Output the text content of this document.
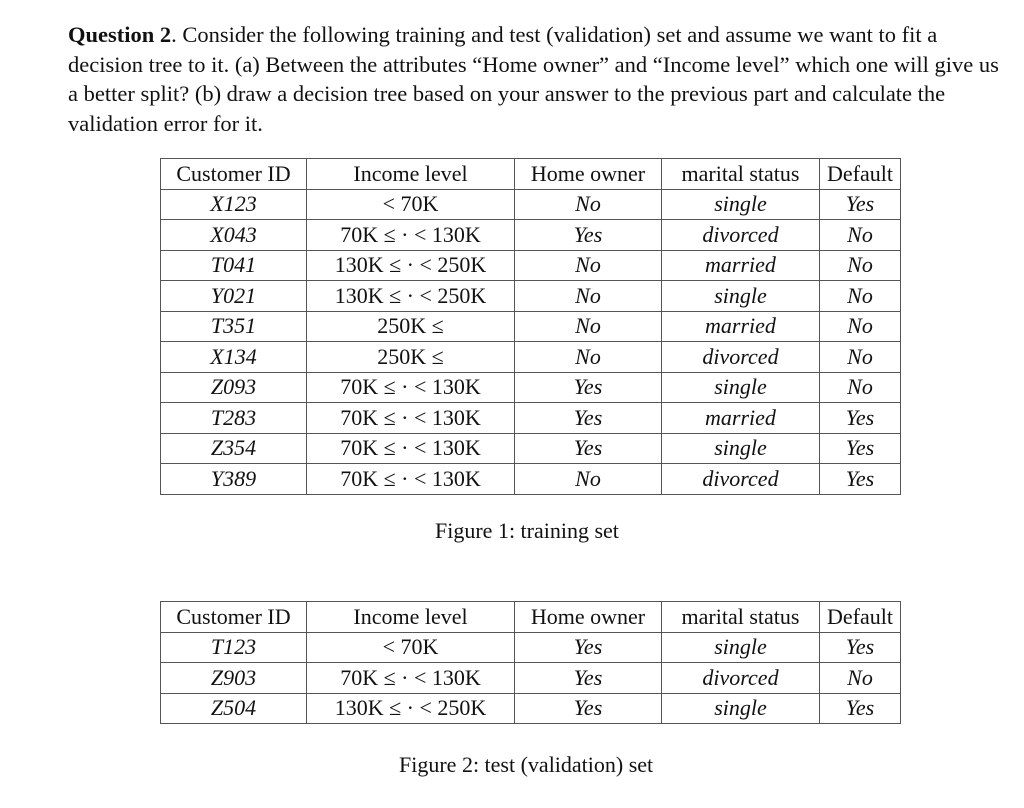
Question 2. Consider the following training and test (validation) set and assume we want to fit a decision tree to it. (a) Between the attributes “Home owner” and “Income level” which one will give us a better split? (b) draw a decision tree based on your answer to the previous part and calculate the validation error for it.

Customer ID	Income level	Home owner	marital status	Default
X123	< 70K	No	single	Yes
X043	70K ≤ · < 130K	Yes	divorced	No
T041	130K ≤ · < 250K	No	married	No
Y021	130K ≤ · < 250K	No	single	No
T351	250K ≤	No	married	No
X134	250K ≤	No	divorced	No
Z093	70K ≤ · < 130K	Yes	single	No
T283	70K ≤ · < 130K	Yes	married	Yes
Z354	70K ≤ · < 130K	Yes	single	Yes
Y389	70K ≤ · < 130K	No	divorced	Yes

Figure 1: training set

Customer ID	Income level	Home owner	marital status	Default
T123	< 70K	Yes	single	Yes
Z903	70K ≤ · < 130K	Yes	divorced	No
Z504	130K ≤ · < 250K	Yes	single	Yes

Figure 2: test (validation) set
